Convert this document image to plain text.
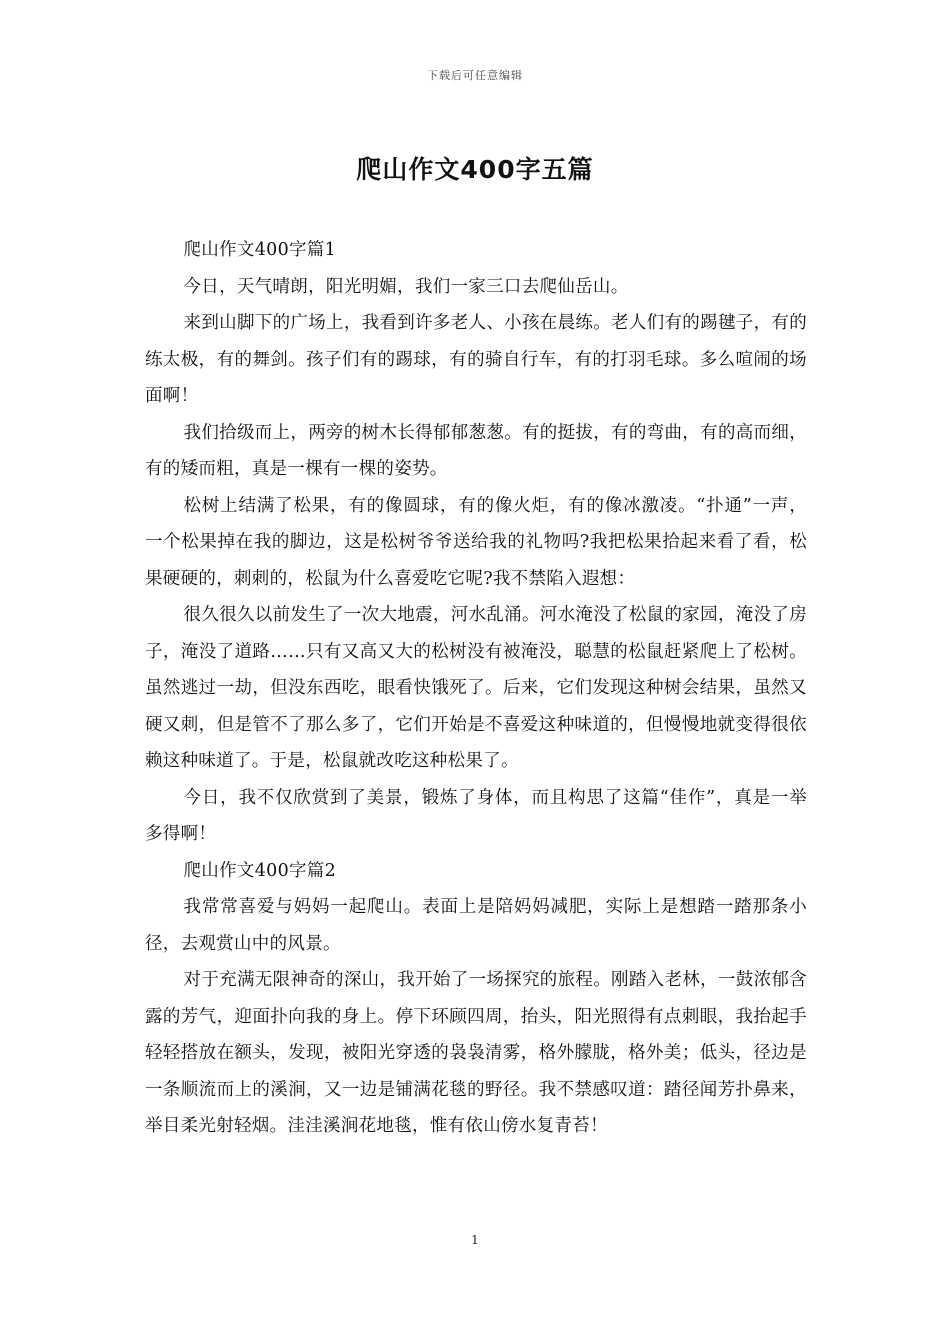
下载后可任意编辑
爬山作文400字五篇

爬山作文400字篇1

今日，天气晴朗，阳光明媚，我们一家三口去爬仙岳山。

来到山脚下的广场上，我看到许多老人、小孩在晨练。老人们有的踢毽子，有的练太极，有的舞剑。孩子们有的踢球，有的骑自行车，有的打羽毛球。多么喧闹的场面啊！

我们拾级而上，两旁的树木长得郁郁葱葱。有的挺拔，有的弯曲，有的高而细，有的矮而粗，真是一棵有一棵的姿势。

松树上结满了松果，有的像圆球，有的像火炬，有的像冰激凌。“扑通”一声，一个松果掉在我的脚边，这是松树爷爷送给我的礼物吗?我把松果拾起来看了看，松果硬硬的，刺刺的，松鼠为什么喜爱吃它呢?我不禁陷入遐想：

很久很久以前发生了一次大地震，河水乱涌。河水淹没了松鼠的家园，淹没了房子，淹没了道路……只有又高又大的松树没有被淹没，聪慧的松鼠赶紧爬上了松树。虽然逃过一劫，但没东西吃，眼看快饿死了。后来，它们发现这种树会结果，虽然又硬又刺，但是管不了那么多了，它们开始是不喜爱这种味道的，但慢慢地就变得很依赖这种味道了。于是，松鼠就改吃这种松果了。

今日，我不仅欣赏到了美景，锻炼了身体，而且构思了这篇“佳作”，真是一举多得啊！

爬山作文400字篇2

我常常喜爱与妈妈一起爬山。表面上是陪妈妈减肥，实际上是想踏一踏那条小径，去观赏山中的风景。

对于充满无限神奇的深山，我开始了一场探究的旅程。刚踏入老林，一鼓浓郁含露的芳气，迎面扑向我的身上。停下环顾四周，抬头，阳光照得有点刺眼，我抬起手轻轻搭放在额头，发现，被阳光穿透的袅袅清雾，格外朦胧，格外美；低头，径边是一条顺流而上的溪涧，又一边是铺满花毯的野径。我不禁感叹道：踏径闻芳扑鼻来，举目柔光射轻烟。洼洼溪涧花地毯，惟有依山傍水复青苔！

1
